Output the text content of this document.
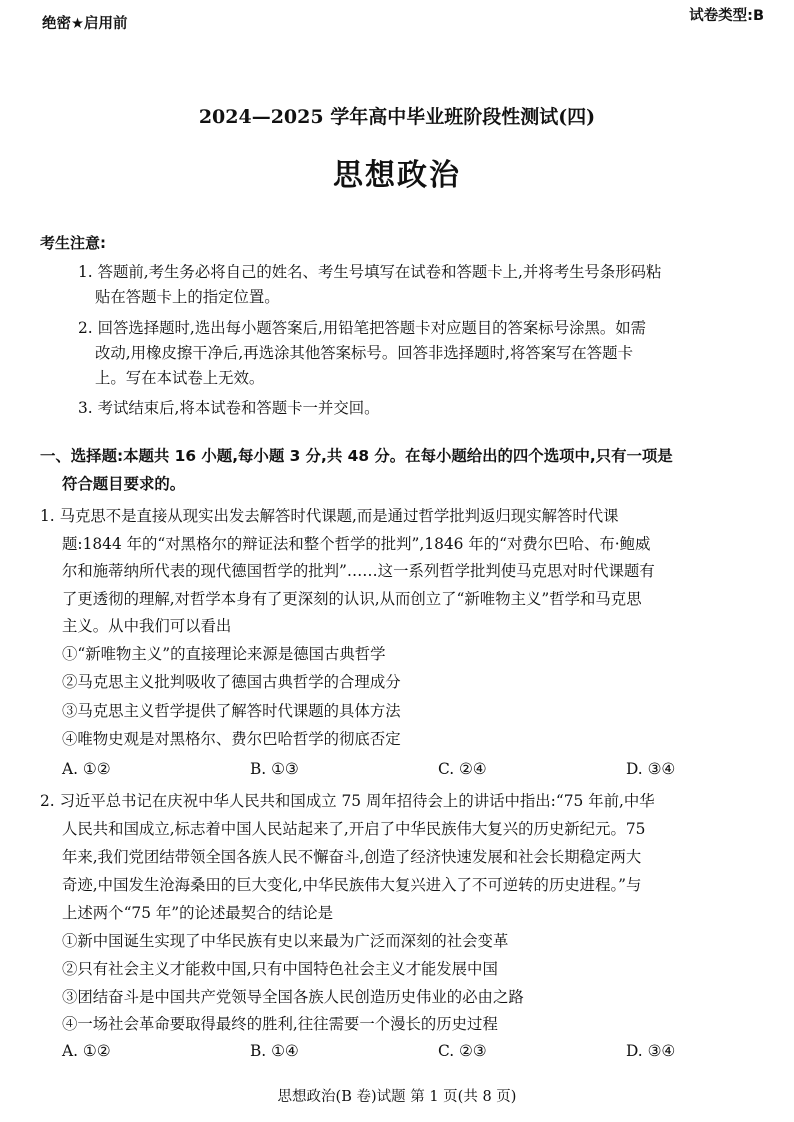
绝密★启用前	试卷类型:B
2024—2025 学年高中毕业班阶段性测试(四)
思想政治
考生注意:
1. 答题前,考生务必将自己的姓名、考生号填写在试卷和答题卡上,并将考生号条形码粘
贴在答题卡上的指定位置。
2. 回答选择题时,选出每小题答案后,用铅笔把答题卡对应题目的答案标号涂黑。如需
改动,用橡皮擦干净后,再选涂其他答案标号。回答非选择题时,将答案写在答题卡
上。写在本试卷上无效。
3. 考试结束后,将本试卷和答题卡一并交回。
一、选择题:本题共 16 小题,每小题 3 分,共 48 分。在每小题给出的四个选项中,只有一项是
符合题目要求的。
1. 马克思不是直接从现实出发去解答时代课题,而是通过哲学批判返归现实解答时代课
题:1844 年的“对黑格尔的辩证法和整个哲学的批判”,1846 年的“对费尔巴哈、布·鲍威
尔和施蒂纳所代表的现代德国哲学的批判”……这一系列哲学批判使马克思对时代课题有
了更透彻的理解,对哲学本身有了更深刻的认识,从而创立了“新唯物主义”哲学和马克思
主义。从中我们可以看出
①“新唯物主义”的直接理论来源是德国古典哲学
②马克思主义批判吸收了德国古典哲学的合理成分
③马克思主义哲学提供了解答时代课题的具体方法
④唯物史观是对黑格尔、费尔巴哈哲学的彻底否定
A. ①②	B. ①③	C. ②④	D. ③④
2. 习近平总书记在庆祝中华人民共和国成立 75 周年招待会上的讲话中指出:“75 年前,中华
人民共和国成立,标志着中国人民站起来了,开启了中华民族伟大复兴的历史新纪元。75
年来,我们党团结带领全国各族人民不懈奋斗,创造了经济快速发展和社会长期稳定两大
奇迹,中国发生沧海桑田的巨大变化,中华民族伟大复兴进入了不可逆转的历史进程。”与
上述两个“75 年”的论述最契合的结论是
①新中国诞生实现了中华民族有史以来最为广泛而深刻的社会变革
②只有社会主义才能救中国,只有中国特色社会主义才能发展中国
③团结奋斗是中国共产党领导全国各族人民创造历史伟业的必由之路
④一场社会革命要取得最终的胜利,往往需要一个漫长的历史过程
A. ①②	B. ①④	C. ②③	D. ③④
思想政治(B 卷)试题 第 1 页(共 8 页)
